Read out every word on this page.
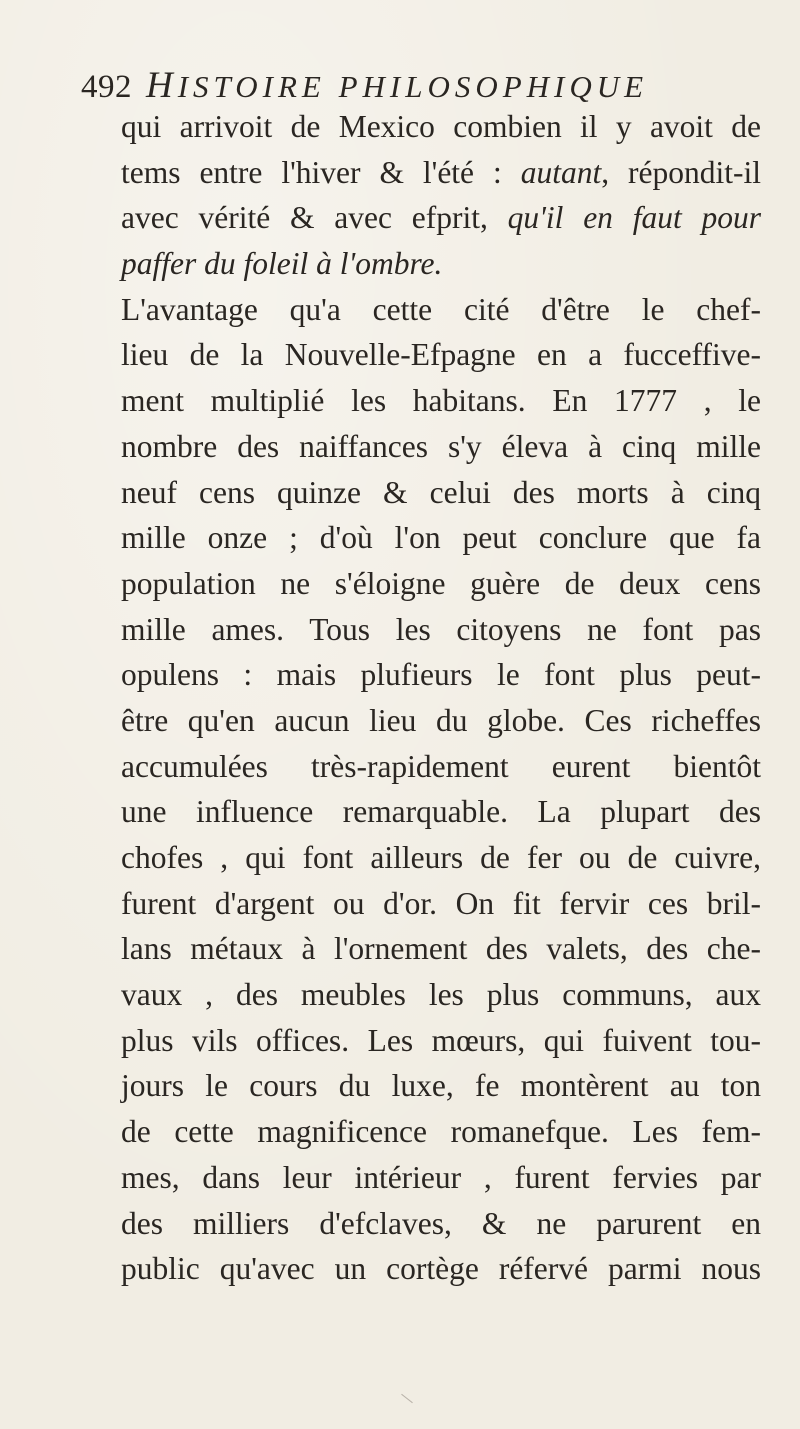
492 HISTOIRE PHILOSOPHIQUE
qui arrivoit de Mexico combien il y avoit de
tems entre l'hiver & l'été : autant, répondit-il
avec vérité & avec efprit, qu'il en faut pour
paffer du foleil à l'ombre.
L'avantage qu'a cette cité d'être le chef-
lieu de la Nouvelle-Efpagne en a fucceffive-
ment multiplié les habitans. En 1777 , le
nombre des naiffances s'y éleva à cinq mille
neuf cens quinze & celui des morts à cinq
mille onze ; d'où l'on peut conclure que fa
population ne s'éloigne guère de deux cens
mille ames. Tous les citoyens ne font pas
opulens : mais plufieurs le font plus peut-
être qu'en aucun lieu du globe. Ces richeffes
accumulées très-rapidement eurent bientôt
une influence remarquable. La plupart des
chofes , qui font ailleurs de fer ou de cuivre,
furent d'argent ou d'or. On fit fervir ces bril-
lans métaux à l'ornement des valets, des che-
vaux , des meubles les plus communs, aux
plus vils offices. Les mœurs, qui fuivent tou-
jours le cours du luxe, fe montèrent au ton
de cette magnificence romanefque. Les fem-
mes, dans leur intérieur , furent fervies par
des milliers d'efclaves, & ne parurent en
public qu'avec un cortège réfervé parmi nous
